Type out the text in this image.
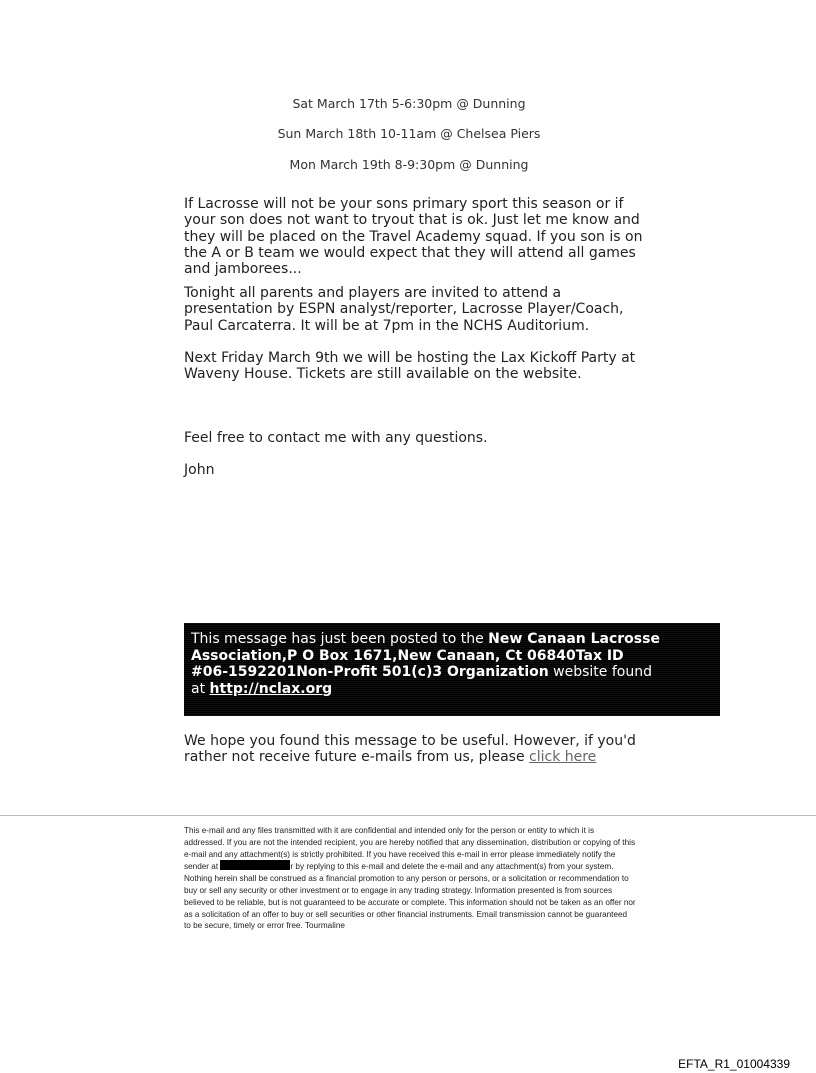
Sat March 17th 5-6:30pm @ Dunning
Sun March 18th 10-11am @ Chelsea Piers
Mon March 19th 8-9:30pm @ Dunning

If Lacrosse will not be your sons primary sport this season or if your son does not want to tryout that is ok. Just let me know and they will be placed on the Travel Academy squad. If you son is on the A or B team we would expect that they will attend all games and jamborees...

Tonight all parents and players are invited to attend a presentation by ESPN analyst/reporter, Lacrosse Player/Coach, Paul Carcaterra. It will be at 7pm in the NCHS Auditorium.

Next Friday March 9th we will be hosting the Lax Kickoff Party at Waveny House. Tickets are still available on the website.

Feel free to contact me with any questions.

John

This message has just been posted to the New Canaan Lacrosse Association,P O Box 1671,New Canaan, Ct 06840Tax ID #06-1592201Non-Profit 501(c)3 Organization website found at http://nclax.org

We hope you found this message to be useful. However, if you'd rather not receive future e-mails from us, please click here

This e-mail and any files transmitted with it are confidential and intended only for the person or entity to which it is addressed. If you are not the intended recipient, you are hereby notified that any dissemination, distribution or copying of this e-mail and any attachment(s) is strictly prohibited. If you have received this e-mail in error please immediately notify the sender at	r by replying to this e-mail and delete the e-mail and any attachment(s) from your system. Nothing herein shall be construed as a financial promotion to any person or persons, or a solicitation or recommendation to buy or sell any security or other investment or to engage in any trading strategy. Information presented is from sources believed to be reliable, but is not guaranteed to be accurate or complete. This information should not be taken as an offer nor as a solicitation of an offer to buy or sell securities or other financial instruments. Email transmission cannot be guaranteed to be secure, timely or error free. Tourmaline
EFTA_R1_01004339
